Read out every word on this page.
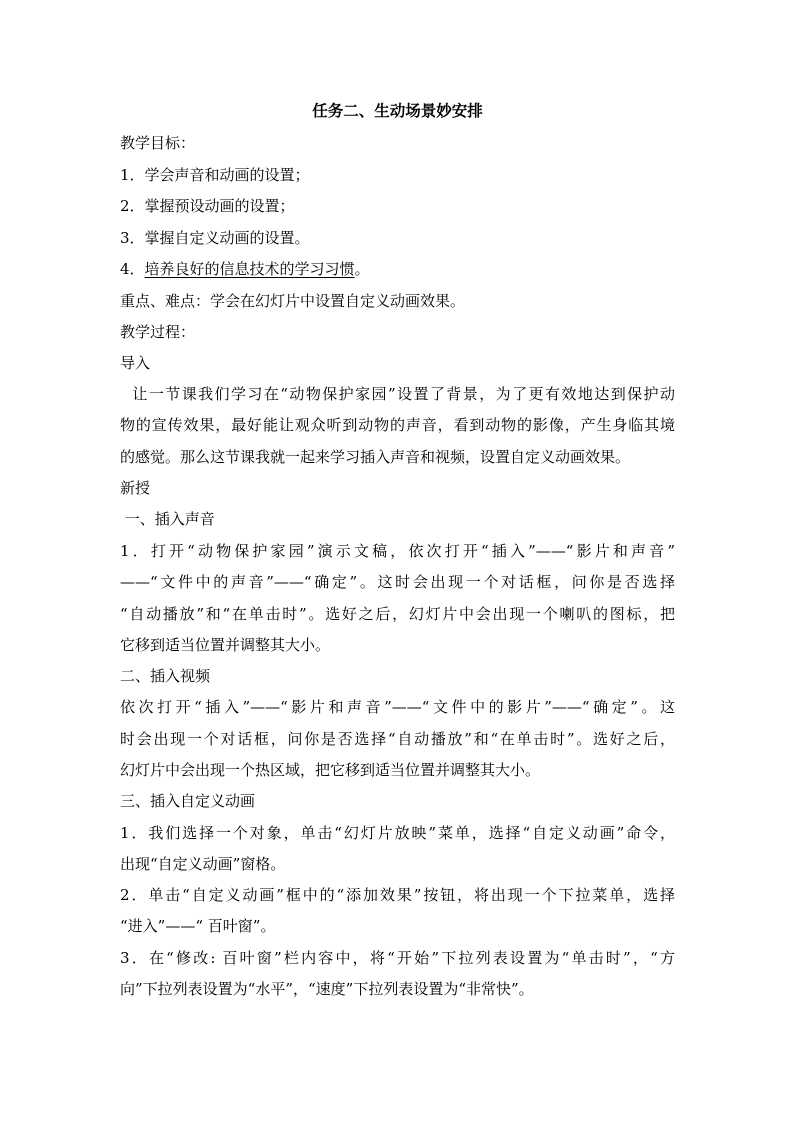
任务二、生动场景妙安排
教学目标：
1．学会声音和动画的设置；
2．掌握预设动画的设置；
3．掌握自定义动画的设置。
4．培养良好的信息技术的学习习惯。
重点、难点：学会在幻灯片中设置自定义动画效果。
教学过程：
导入
让一节课我们学习在“动物保护家园”设置了背景，为了更有效地达到保护动
物的宣传效果，最好能让观众听到动物的声音，看到动物的影像，产生身临其境
的感觉。那么这节课我就一起来学习插入声音和视频，设置自定义动画效果。
新授
一、插入声音
1．打开“动物保护家园”演示文稿，依次打开“插入”——“影片和声音”
——“文件中的声音”——“确定”。这时会出现一个对话框，问你是否选择
“自动播放”和“在单击时”。选好之后，幻灯片中会出现一个喇叭的图标，把
它移到适当位置并调整其大小。
二、插入视频
依次打开“插入”——“影片和声音”——“文件中的影片”——“确定”。这
时会出现一个对话框，问你是否选择“自动播放”和“在单击时”。选好之后，
幻灯片中会出现一个热区域，把它移到适当位置并调整其大小。
三、插入自定义动画
1．我们选择一个对象，单击“幻灯片放映”菜单，选择“自定义动画”命令，
出现“自定义动画”窗格。
2．单击“自定义动画”框中的“添加效果”按钮，将出现一个下拉菜单，选择
“进入”——“ 百叶窗”。
3．在“修改: 百叶窗”栏内容中，将“开始”下拉列表设置为“单击时”，“方
向”下拉列表设置为“水平”，“速度”下拉列表设置为“非常快”。
